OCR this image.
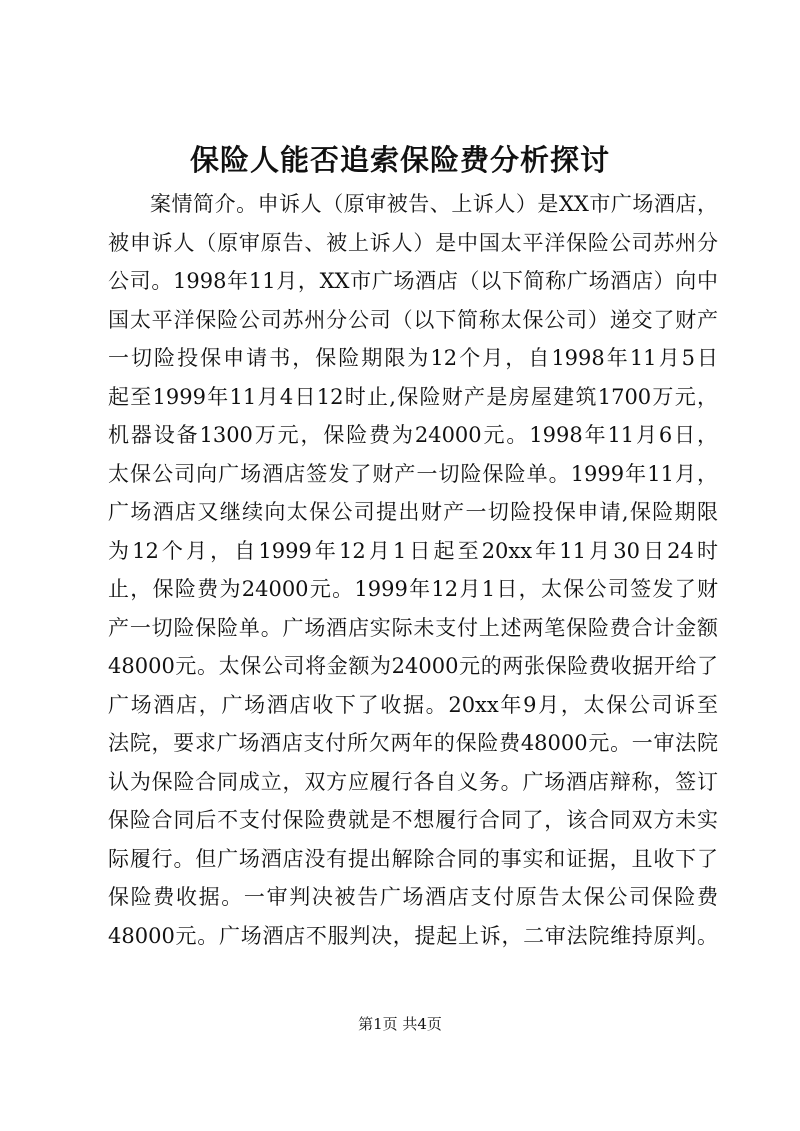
保险人能否追索保险费分析探讨
案情简介。申诉人（原审被告、上诉人）是XX市广场酒店，
被申诉人（原审原告、被上诉人）是中国太平洋保险公司苏州分
公司。1998年11月，XX市广场酒店（以下简称广场酒店）向中
国太平洋保险公司苏州分公司（以下简称太保公司）递交了财产
一切险投保申请书，保险期限为12个月，自1998年11月5日
起至1999年11月4日12时止,保险财产是房屋建筑1700万元，
机器设备1300万元，保险费为24000元。1998年11月6日，
太保公司向广场酒店签发了财产一切险保险单。1999年11月，
广场酒店又继续向太保公司提出财产一切险投保申请,保险期限
为12个月，自1999年12月1日起至20xx年11月30日24时
止，保险费为24000元。1999年12月1日，太保公司签发了财
产一切险保险单。广场酒店实际未支付上述两笔保险费合计金额
48000元。太保公司将金额为24000元的两张保险费收据开给了
广场酒店，广场酒店收下了收据。20xx年9月，太保公司诉至
法院，要求广场酒店支付所欠两年的保险费48000元。一审法院
认为保险合同成立，双方应履行各自义务。广场酒店辩称，签订
保险合同后不支付保险费就是不想履行合同了，该合同双方未实
际履行。但广场酒店没有提出解除合同的事实和证据，且收下了
保险费收据。一审判决被告广场酒店支付原告太保公司保险费
48000元。广场酒店不服判决，提起上诉，二审法院维持原判。
第1页 共4页
